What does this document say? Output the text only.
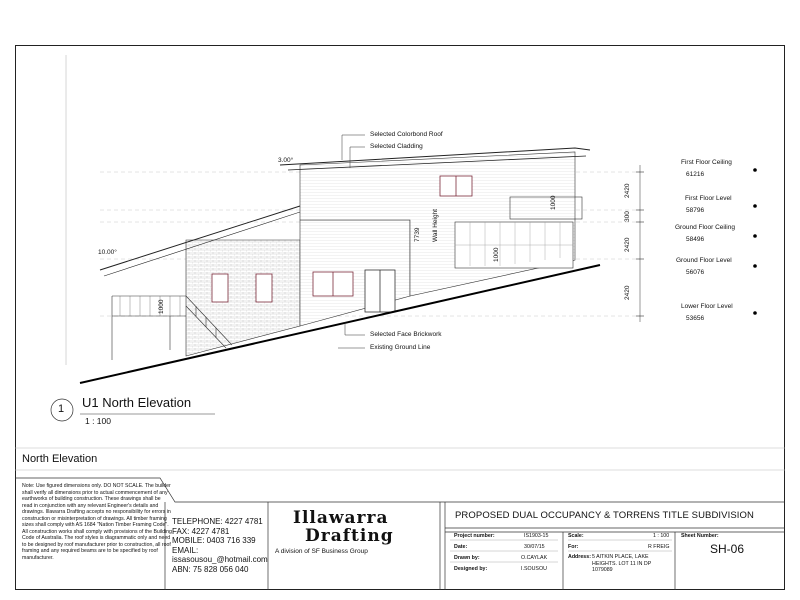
Selected Colorbond Roof
Selected Cladding
Selected Face Brickwork
Existing Ground Line
3.00°
10.00°
Wall Height
7739
1000
1000
1000
2420
300
2420
2420
First Floor Ceiling
61216
First Floor Level
58796
Ground Floor Ceiling
58496
Ground Floor Level
56076
Lower Floor Level
53656
1 U1 North Elevation
1 : 100
North Elevation
Note: Use figured dimensions only. DO NOT SCALE. The builder shall verify all dimensions prior to actual commencement of any earthworks of building construction. These drawings shall be read in conjunction with any relevant Engineer's details and drawings. Illawarra Drafting accepts no responsibility for errors in construction or misinterpretation of drawings. All timber framing sizes shall comply with AS 1684 "Nation Timber Framing Code". All construction works shall comply with provisions of the Building Code of Australia. The roof styles is diagrammatic only and need to be designed by roof manufacturer prior to construction, all roof framing and any required beams are to be specified by roof manufacturer.
TELEPHONE: 4227 4781
FAX: 4227 4781
MOBILE: 0403 716 339
EMAIL:
issasousou_@hotmail.com
ABN: 75 828 056 040
Illawarra
Drafting
A division of SF Business Group
PROPOSED DUAL OCCUPANCY & TORRENS TITLE SUBDIVISION
Project number:	IS1903-15
Date:	30/07/15
Drawn by:	O.CAYLAK
Designed by:	I.SOUSOU
Scale:	1 : 100
For:	R FREIG
Address: 5 AITKIN PLACE, LAKE HEIGHTS. LOT 11 IN DP 1079089
Sheet Number:
SH-06
